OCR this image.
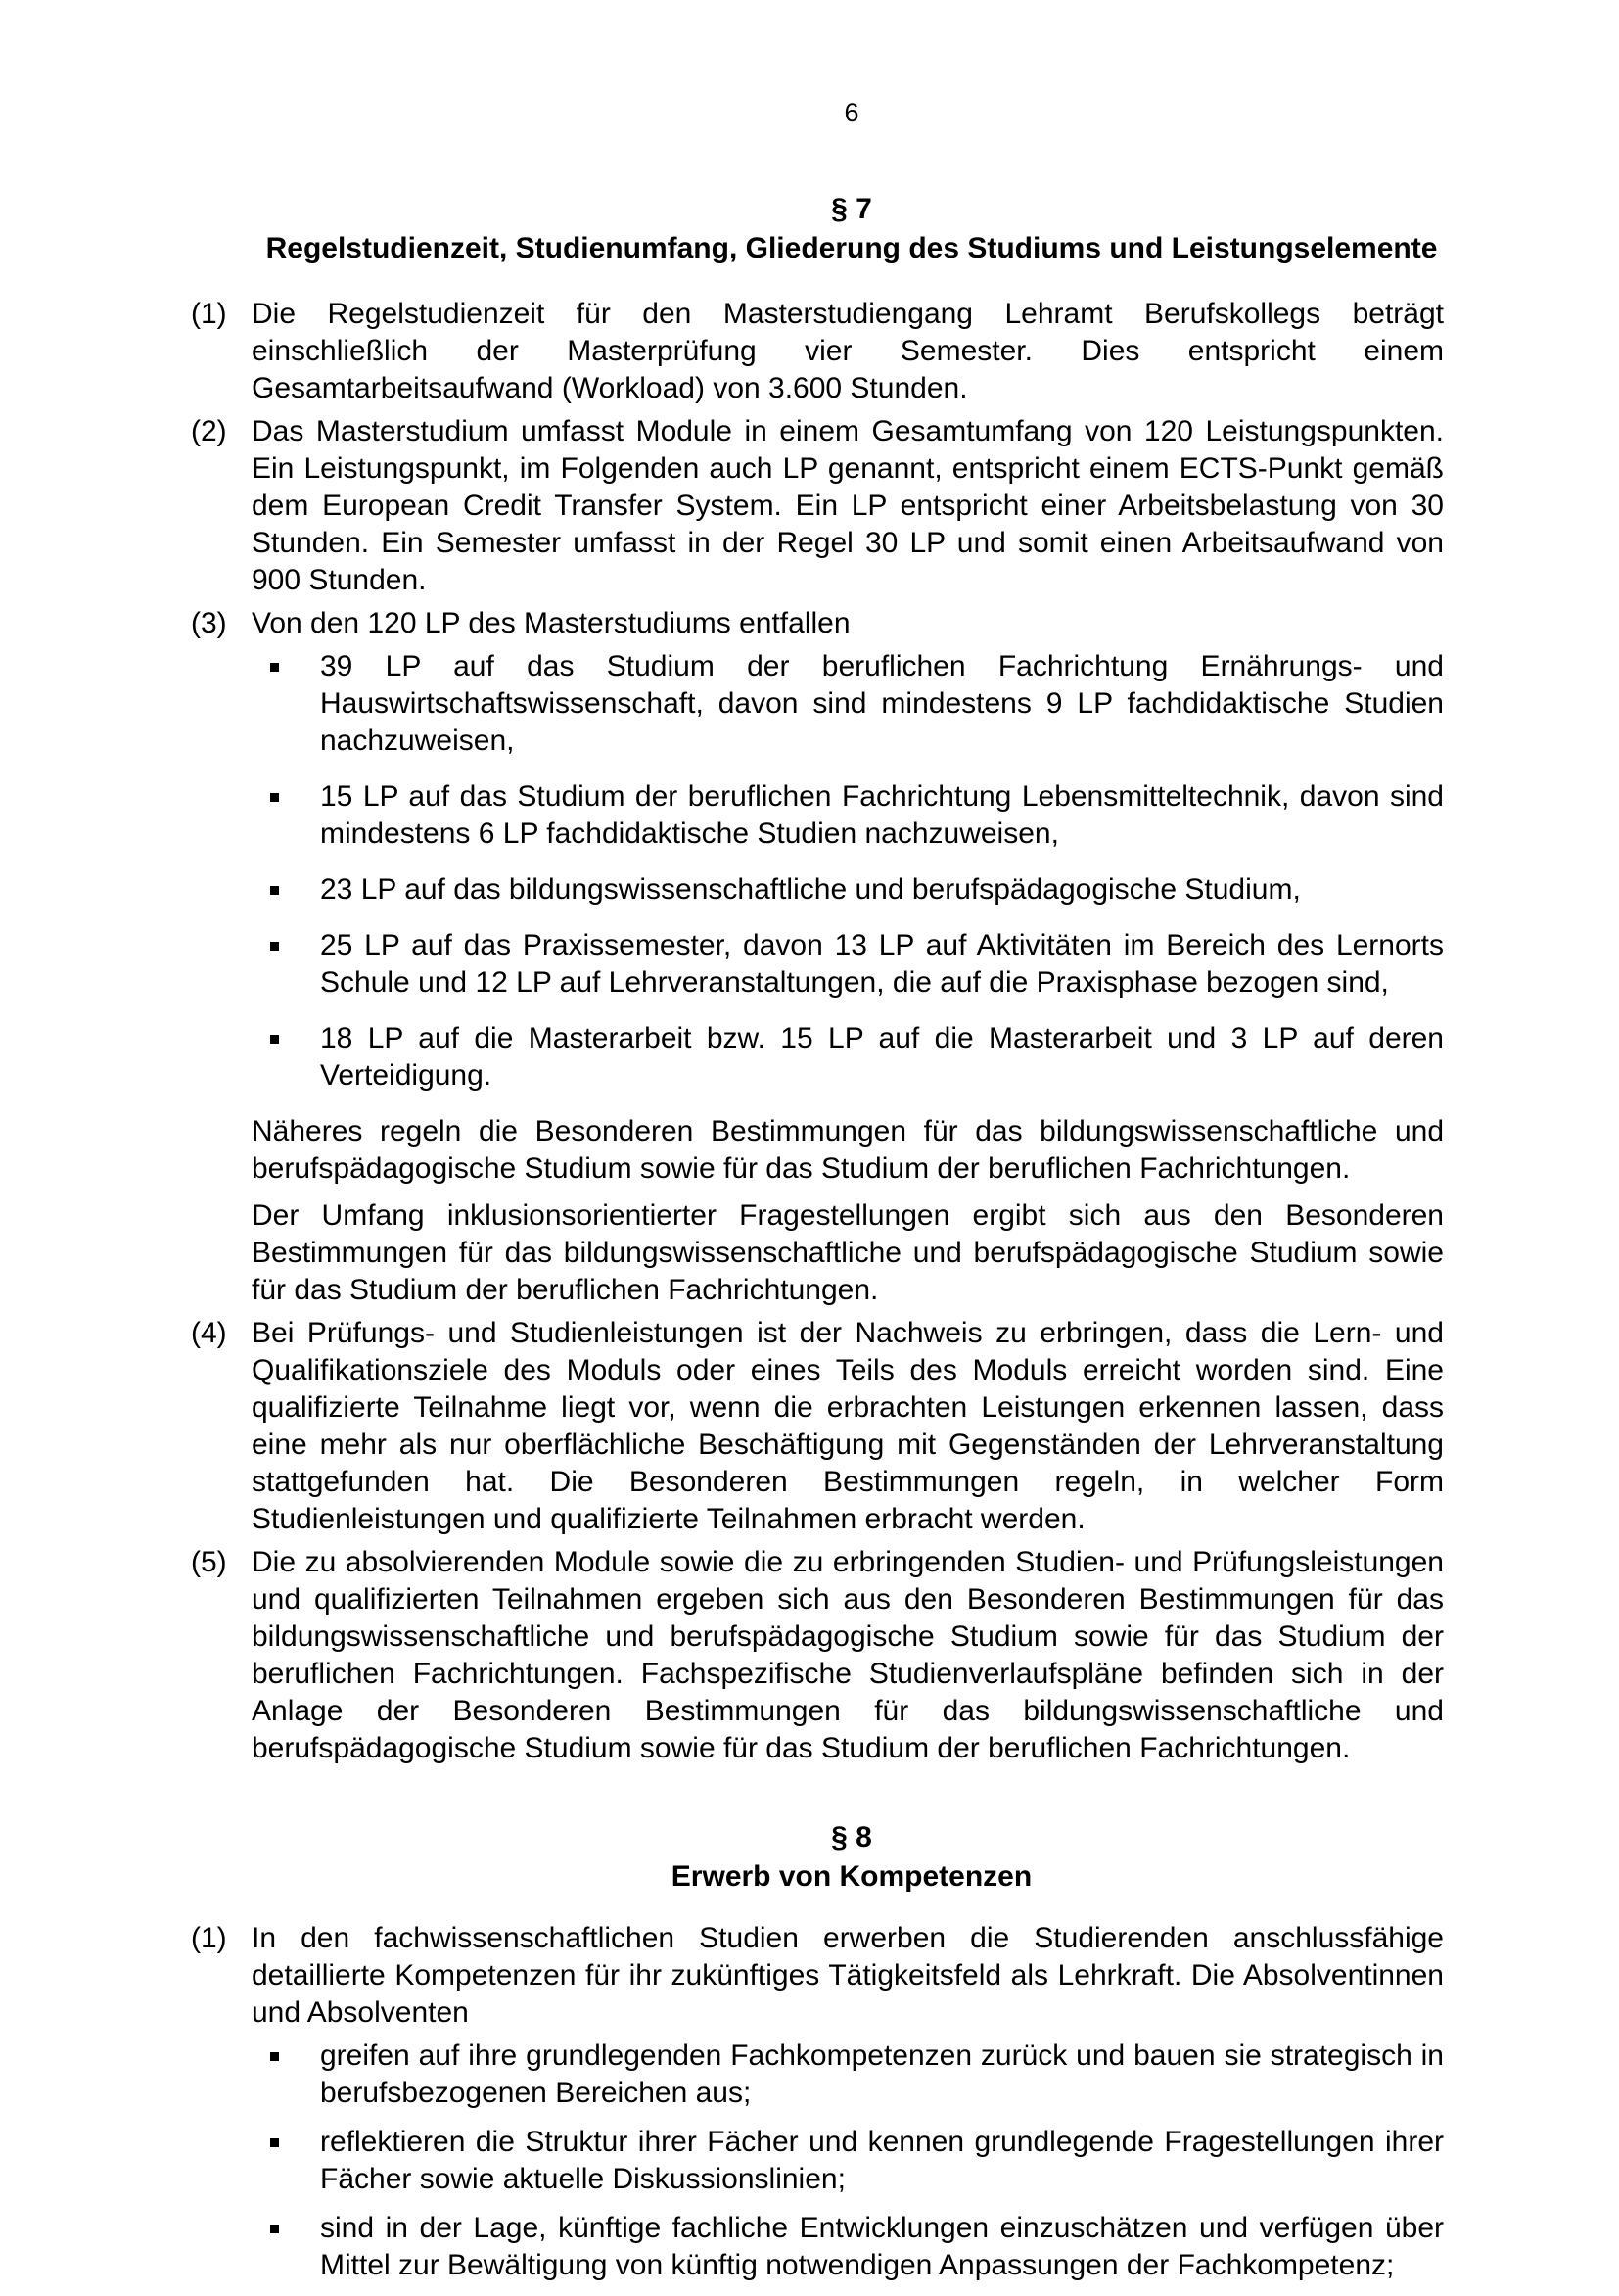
6
§ 7
Regelstudienzeit, Studienumfang, Gliederung des Studiums und Leistungselemente
(1) Die Regelstudienzeit für den Masterstudiengang Lehramt Berufskollegs beträgt einschließlich der Masterprüfung vier Semester. Dies entspricht einem Gesamtarbeitsaufwand (Workload) von 3.600 Stunden.

(2) Das Masterstudium umfasst Module in einem Gesamtumfang von 120 Leistungspunkten. Ein Leistungspunkt, im Folgenden auch LP genannt, entspricht einem ECTS-Punkt gemäß dem European Credit Transfer System. Ein LP entspricht einer Arbeitsbelastung von 30 Stunden. Ein Semester umfasst in der Regel 30 LP und somit einen Arbeitsaufwand von 900 Stunden.

(3) Von den 120 LP des Masterstudiums entfallen

39 LP auf das Studium der beruflichen Fachrichtung Ernährungs- und Hauswirtschaftswissenschaft, davon sind mindestens 9 LP fachdidaktische Studien nachzuweisen,
15 LP auf das Studium der beruflichen Fachrichtung Lebensmitteltechnik, davon sind mindestens 6 LP fachdidaktische Studien nachzuweisen,
23 LP auf das bildungswissenschaftliche und berufspädagogische Studium,
25 LP auf das Praxissemester, davon 13 LP auf Aktivitäten im Bereich des Lernorts Schule und 12 LP auf Lehrveranstaltungen, die auf die Praxisphase bezogen sind,
18 LP auf die Masterarbeit bzw. 15 LP auf die Masterarbeit und 3 LP auf deren Verteidigung.

Näheres regeln die Besonderen Bestimmungen für das bildungswissenschaftliche und berufspädagogische Studium sowie für das Studium der beruflichen Fachrichtungen.

Der Umfang inklusionsorientierter Fragestellungen ergibt sich aus den Besonderen Bestimmungen für das bildungswissenschaftliche und berufspädagogische Studium sowie für das Studium der beruflichen Fachrichtungen.

(4) Bei Prüfungs- und Studienleistungen ist der Nachweis zu erbringen, dass die Lern- und Qualifikationsziele des Moduls oder eines Teils des Moduls erreicht worden sind. Eine qualifizierte Teilnahme liegt vor, wenn die erbrachten Leistungen erkennen lassen, dass eine mehr als nur oberflächliche Beschäftigung mit Gegenständen der Lehrveranstaltung stattgefunden hat. Die Besonderen Bestimmungen regeln, in welcher Form Studienleistungen und qualifizierte Teilnahmen erbracht werden.

(5) Die zu absolvierenden Module sowie die zu erbringenden Studien- und Prüfungsleistungen und qualifizierten Teilnahmen ergeben sich aus den Besonderen Bestimmungen für das bildungswissenschaftliche und berufspädagogische Studium sowie für das Studium der beruflichen Fachrichtungen. Fachspezifische Studienverlaufspläne befinden sich in der Anlage der Besonderen Bestimmungen für das bildungswissenschaftliche und berufspädagogische Studium sowie für das Studium der beruflichen Fachrichtungen.

§ 8
Erwerb von Kompetenzen
(1) In den fachwissenschaftlichen Studien erwerben die Studierenden anschlussfähige detaillierte Kompetenzen für ihr zukünftiges Tätigkeitsfeld als Lehrkraft. Die Absolventinnen und Absolventen

greifen auf ihre grundlegenden Fachkompetenzen zurück und bauen sie strategisch in berufsbezogenen Bereichen aus;
reflektieren die Struktur ihrer Fächer und kennen grundlegende Fragestellungen ihrer Fächer sowie aktuelle Diskussionslinien;
sind in der Lage, künftige fachliche Entwicklungen einzuschätzen und verfügen über Mittel zur Bewältigung von künftig notwendigen Anpassungen der Fachkompetenz;
